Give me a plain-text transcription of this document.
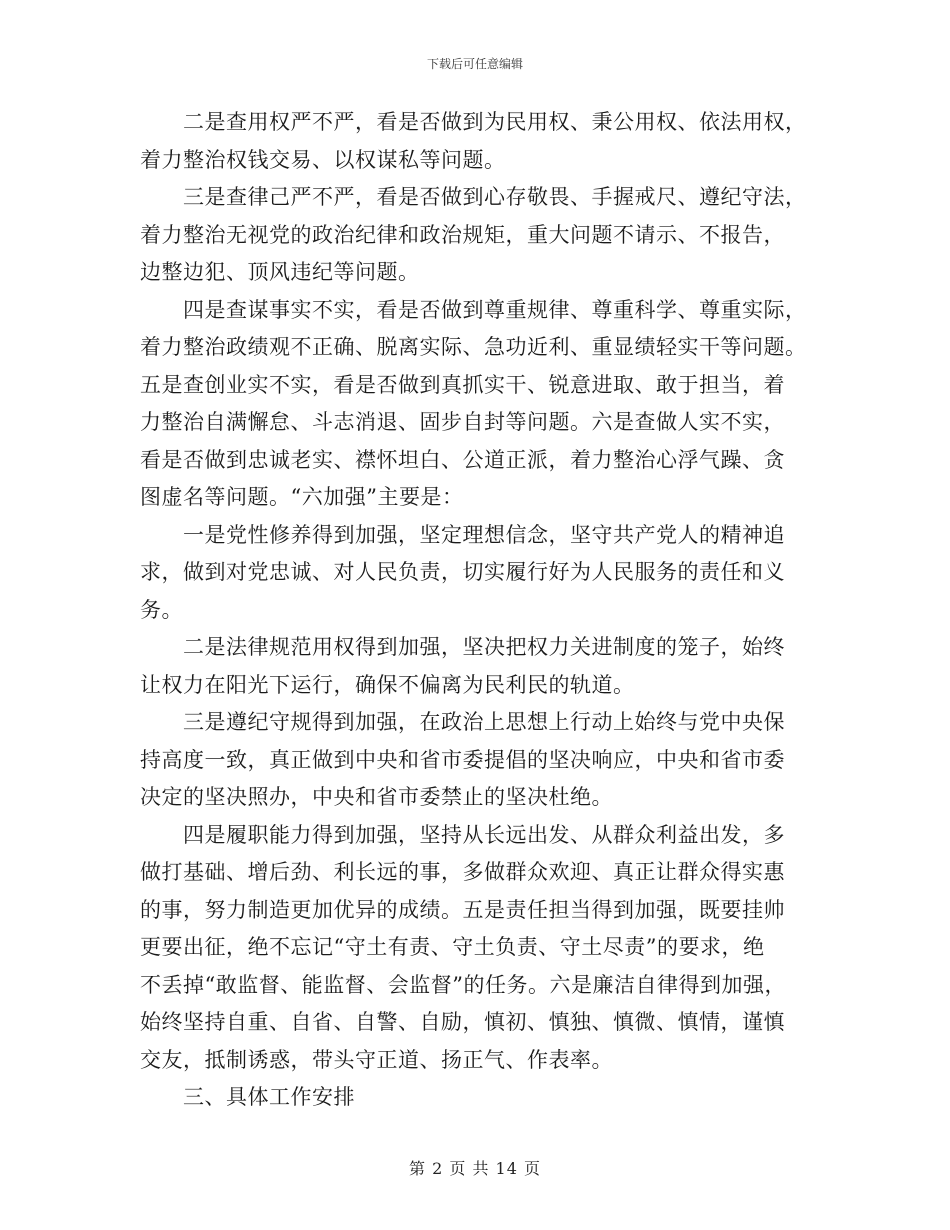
下载后可任意编辑

　　二是查用权严不严，看是否做到为民用权、秉公用权、依法用权，

着力整治权钱交易、以权谋私等问题。

　　三是查律己严不严，看是否做到心存敬畏、手握戒尺、遵纪守法，

着力整治无视党的政治纪律和政治规矩，重大问题不请示、不报告，

边整边犯、顶风违纪等问题。

　　四是查谋事实不实，看是否做到尊重规律、尊重科学、尊重实际，

着力整治政绩观不正确、脱离实际、急功近利、重显绩轻实干等问题。

五是查创业实不实，看是否做到真抓实干、锐意进取、敢于担当，着

力整治自满懈怠、斗志消退、固步自封等问题。六是查做人实不实，

看是否做到忠诚老实、襟怀坦白、公道正派，着力整治心浮气躁、贪

图虚名等问题。“六加强”主要是：

　　一是党性修养得到加强，坚定理想信念，坚守共产党人的精神追

求，做到对党忠诚、对人民负责，切实履行好为人民服务的责任和义

务。

　　二是法律规范用权得到加强，坚决把权力关进制度的笼子，始终

让权力在阳光下运行，确保不偏离为民利民的轨道。

　　三是遵纪守规得到加强，在政治上思想上行动上始终与党中央保

持高度一致，真正做到中央和省市委提倡的坚决响应，中央和省市委

决定的坚决照办，中央和省市委禁止的坚决杜绝。

　　四是履职能力得到加强，坚持从长远出发、从群众利益出发，多

做打基础、增后劲、利长远的事，多做群众欢迎、真正让群众得实惠

的事，努力制造更加优异的成绩。五是责任担当得到加强，既要挂帅

更要出征，绝不忘记“守土有责、守土负责、守土尽责”的要求，绝

不丢掉“敢监督、能监督、会监督”的任务。六是廉洁自律得到加强，

始终坚持自重、自省、自警、自励，慎初、慎独、慎微、慎情，谨慎

交友，抵制诱惑，带头守正道、扬正气、作表率。

　　三、具体工作安排

第 2 页 共 14 页
